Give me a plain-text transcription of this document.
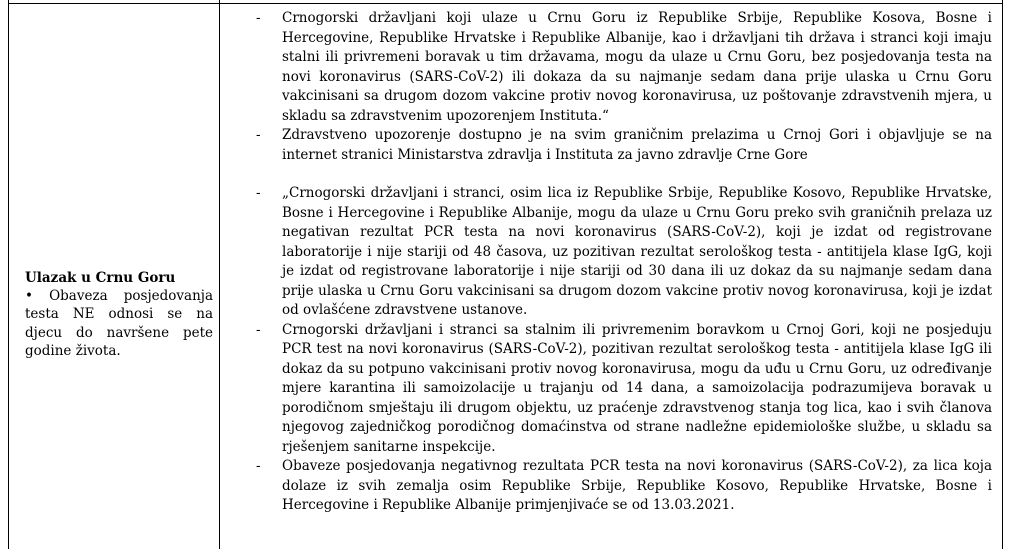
Ulazak u Crnu Goru
• Obaveza posjedovanja testa NE odnosi se na djecu do navršene pete godine života.
- Crnogorski državljani koji ulaze u Crnu Goru iz Republike Srbije, Republike Kosova, Bosne i Hercegovine, Republike Hrvatske i Republike Albanije, kao i državljani tih država i stranci koji imaju stalni ili privremeni boravak u tim državama, mogu da ulaze u Crnu Goru, bez posjedovanja testa na novi koronavirus (SARS-CoV-2) ili dokaza da su najmanje sedam dana prije ulaska u Crnu Goru vakcinisani sa drugom dozom vakcine protiv novog koronavirusa, uz poštovanje zdravstvenih mjera, u skladu sa zdravstvenim upozorenjem Instituta.“
- Zdravstveno upozorenje dostupno je na svim graničnim prelazima u Crnoj Gori i objavljuje se na internet stranici Ministarstva zdravlja i Instituta za javno zdravlje Crne Gore
- „Crnogorski državljani i stranci, osim lica iz Republike Srbije, Republike Kosovo, Republike Hrvatske, Bosne i Hercegovine i Republike Albanije, mogu da ulaze u Crnu Goru preko svih graničnih prelaza uz negativan rezultat PCR testa na novi koronavirus (SARS-CoV-2), koji je izdat od registrovane laboratorije i nije stariji od 48 časova, uz pozitivan rezultat serološkog testa - antitijela klase IgG, koji je izdat od registrovane laboratorije i nije stariji od 30 dana ili uz dokaz da su najmanje sedam dana prije ulaska u Crnu Goru vakcinisani sa drugom dozom vakcine protiv novog koronavirusa, koji je izdat od ovlašćene zdravstvene ustanove.
- Crnogorski državljani i stranci sa stalnim ili privremenim boravkom u Crnoj Gori, koji ne posjeduju PCR test na novi koronavirus (SARS-CoV-2), pozitivan rezultat serološkog testa - antitijela klase IgG ili dokaz da su potpuno vakcinisani protiv novog koronavirusa, mogu da uđu u Crnu Goru, uz određivanje mjere karantina ili samoizolacije u trajanju od 14 dana, a samoizolacija podrazumijeva boravak u porodičnom smještaju ili drugom objektu, uz praćenje zdravstvenog stanja tog lica, kao i svih članova njegovog zajedničkog porodičnog domaćinstva od strane nadležne epidemiološke službe, u skladu sa rješenjem sanitarne inspekcije.
- Obaveze posjedovanja negativnog rezultata PCR testa na novi koronavirus (SARS-CoV-2), za lica koja dolaze iz svih zemalja osim Republike Srbije, Republike Kosovo, Republike Hrvatske, Bosne i Hercegovine i Republike Albanije primjenjivaće se od 13.03.2021.
